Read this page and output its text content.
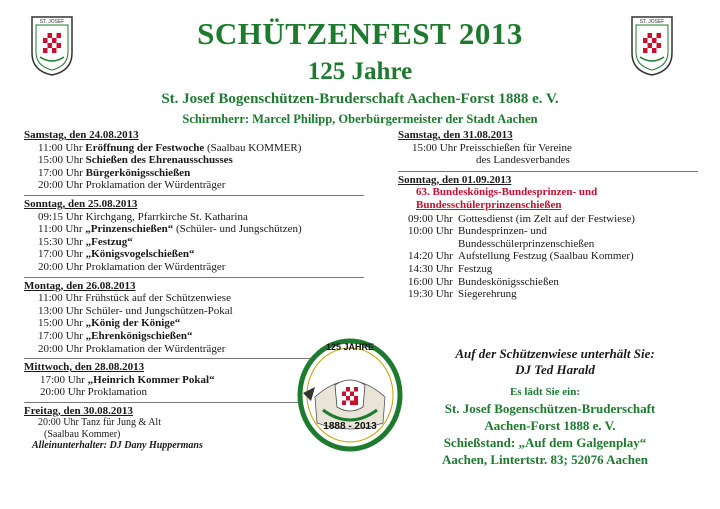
ST. JOSEF	ST. JOSEF
SCHÜTZENFEST 2013
125 Jahre
St. Josef Bogenschützen-Bruderschaft Aachen-Forst 1888 e. V.
Schirmherr: Marcel Philipp, Oberbürgermeister der Stadt Aachen
Samstag, den 24.08.2013
11:00 Uhr Eröffnung der Festwoche (Saalbau KOMMER)
15:00 Uhr Schießen des Ehrenausschusses
17:00 Uhr Bürgerkönigsschießen
20:00 Uhr Proklamation der Würdenträger
Sonntag, den 25.08.2013
09:15 Uhr Kirchgang, Pfarrkirche St. Katharina
11:00 Uhr „Prinzenschießen“ (Schüler- und Jungschützen)
15:30 Uhr „Festzug“
17:00 Uhr „Königsvogelschießen“
20:00 Uhr Proklamation der Würdenträger
Montag, den 26.08.2013
11:00 Uhr Frühstück auf der Schützenwiese
13:00 Uhr Schüler- und Jungschützen-Pokal
15:00 Uhr „König der Könige“
17:00 Uhr „Ehrenkönigschießen“
20:00 Uhr Proklamation der Würdenträger
Mittwoch, den 28.08.2013
17:00 Uhr „Heinrich Kommer Pokal“
20:00 Uhr Proklamation
Freitag, den 30.08.2013
20:00 Uhr Tanz für Jung & Alt
(Saalbau Kommer)
Alleinunterhalter: DJ Dany Huppermans
Samstag, den 31.08.2013
15:00 Uhr Preisschießen für Vereine
des Landesverbandes
Sonntag, den 01.09.2013
63. Bundeskönigs-Bundesprinzen- und
Bundesschülerprinzenschießen
09:00 Uhr Gottesdienst (im Zelt auf der Festwiese)
10:00 Uhr Bundesprinzen- und
Bundesschülerprinzenschießen
14:20 Uhr Aufstellung Festzug (Saalbau Kommer)
14:30 Uhr Festzug
16:00 Uhr Bundeskönigsschießen
19:30 Uhr Siegerehrung
125 JAHRE
1888 - 2013
Auf der Schützenwiese unterhält Sie:
DJ Ted Harald
Es lädt Sie ein:
St. Josef Bogenschützen-Bruderschaft
Aachen-Forst 1888 e. V.
Schießstand: „Auf dem Galgenplay“
Aachen, Lintertstr. 83; 52076 Aachen
